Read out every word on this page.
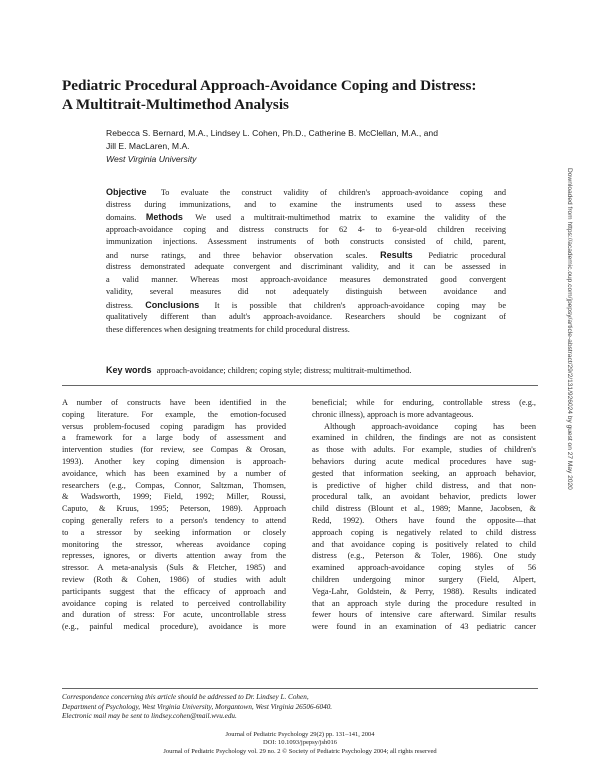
Pediatric Procedural Approach-Avoidance Coping and Distress:
A Multitrait-Multimethod Analysis
Rebecca S. Bernard, M.A., Lindsey L. Cohen, Ph.D., Catherine B. McClellan, M.A., and
Jill E. MacLaren, M.A.
West Virginia University
Objective To evaluate the construct validity of children's approach-avoidance coping and
distress during immunizations, and to examine the instruments used to assess these
domains. Methods We used a multitrait-multimethod matrix to examine the validity of the
approach-avoidance coping and distress constructs for 62 4- to 6-year-old children receiving
immunization injections. Assessment instruments of both constructs consisted of child, parent,
and nurse ratings, and three behavior observation scales. Results Pediatric procedural
distress demonstrated adequate convergent and discriminant validity, and it can be assessed in
a valid manner. Whereas most approach-avoidance measures demonstrated good convergent
validity, several measures did not adequately distinguish between avoidance and
distress. Conclusions It is possible that children's approach-avoidance coping may be
qualitatively different than adult's approach-avoidance. Researchers should be cognizant of
these differences when designing treatments for child procedural distress.
Key words approach-avoidance; children; coping style; distress; multitrait-multimethod.
A number of constructs have been identified in the
coping literature. For example, the emotion-focused
versus problem-focused coping paradigm has provided
a framework for a large body of assessment and
intervention studies (for review, see Compas & Orosan,
1993). Another key coping dimension is approach-
avoidance, which has been examined by a number of
researchers (e.g., Compas, Connor, Saltzman, Thomsen,
& Wadsworth, 1999; Field, 1992; Miller, Roussi,
Caputo, & Kruus, 1995; Peterson, 1989). Approach
coping generally refers to a person's tendency to attend
to a stressor by seeking information or closely
monitoring the stressor, whereas avoidance coping
represses, ignores, or diverts attention away from the
stressor. A meta-analysis (Suls & Fletcher, 1985) and
review (Roth & Cohen, 1986) of studies with adult
participants suggest that the efficacy of approach and
avoidance coping is related to perceived controllability
and duration of stress: For acute, uncontrollable stress
(e.g., painful medical procedure), avoidance is more
beneficial; while for enduring, controllable stress (e.g.,
chronic illness), approach is more advantageous.
Although approach-avoidance coping has been
examined in children, the findings are not as consistent
as those with adults. For example, studies of children's
behaviors during acute medical procedures have sug-
gested that information seeking, an approach behavior,
is predictive of higher child distress, and that non-
procedural talk, an avoidant behavior, predicts lower
child distress (Blount et al., 1989; Manne, Jacobsen, &
Redd, 1992). Others have found the opposite—that
approach coping is negatively related to child distress
and that avoidance coping is positively related to child
distress (e.g., Peterson & Toler, 1986). One study
examined approach-avoidance coping styles of 56
children undergoing minor surgery (Field, Alpert,
Vega-Lahr, Goldstein, & Perry, 1988). Results indicated
that an approach style during the procedure resulted in
fewer hours of intensive care afterward. Similar results
were found in an examination of 43 pediatric cancer
Correspondence concerning this article should be addressed to Dr. Lindsey L. Cohen,
Department of Psychology, West Virginia University, Morgantown, West Virginia 26506-6040.
Electronic mail may be sent to lindsey.cohen@mail.wvu.edu.
Journal of Pediatric Psychology 29(2) pp. 131–141, 2004
DOI: 10.1093/jpepsy/jsh016
Journal of Pediatric Psychology vol. 29 no. 2 © Society of Pediatric Psychology 2004; all rights reserved
Downloaded from https://academic.oup.com/jpepsy/article-abstract/29/2/131/926024 by guest on 27 May 2020
